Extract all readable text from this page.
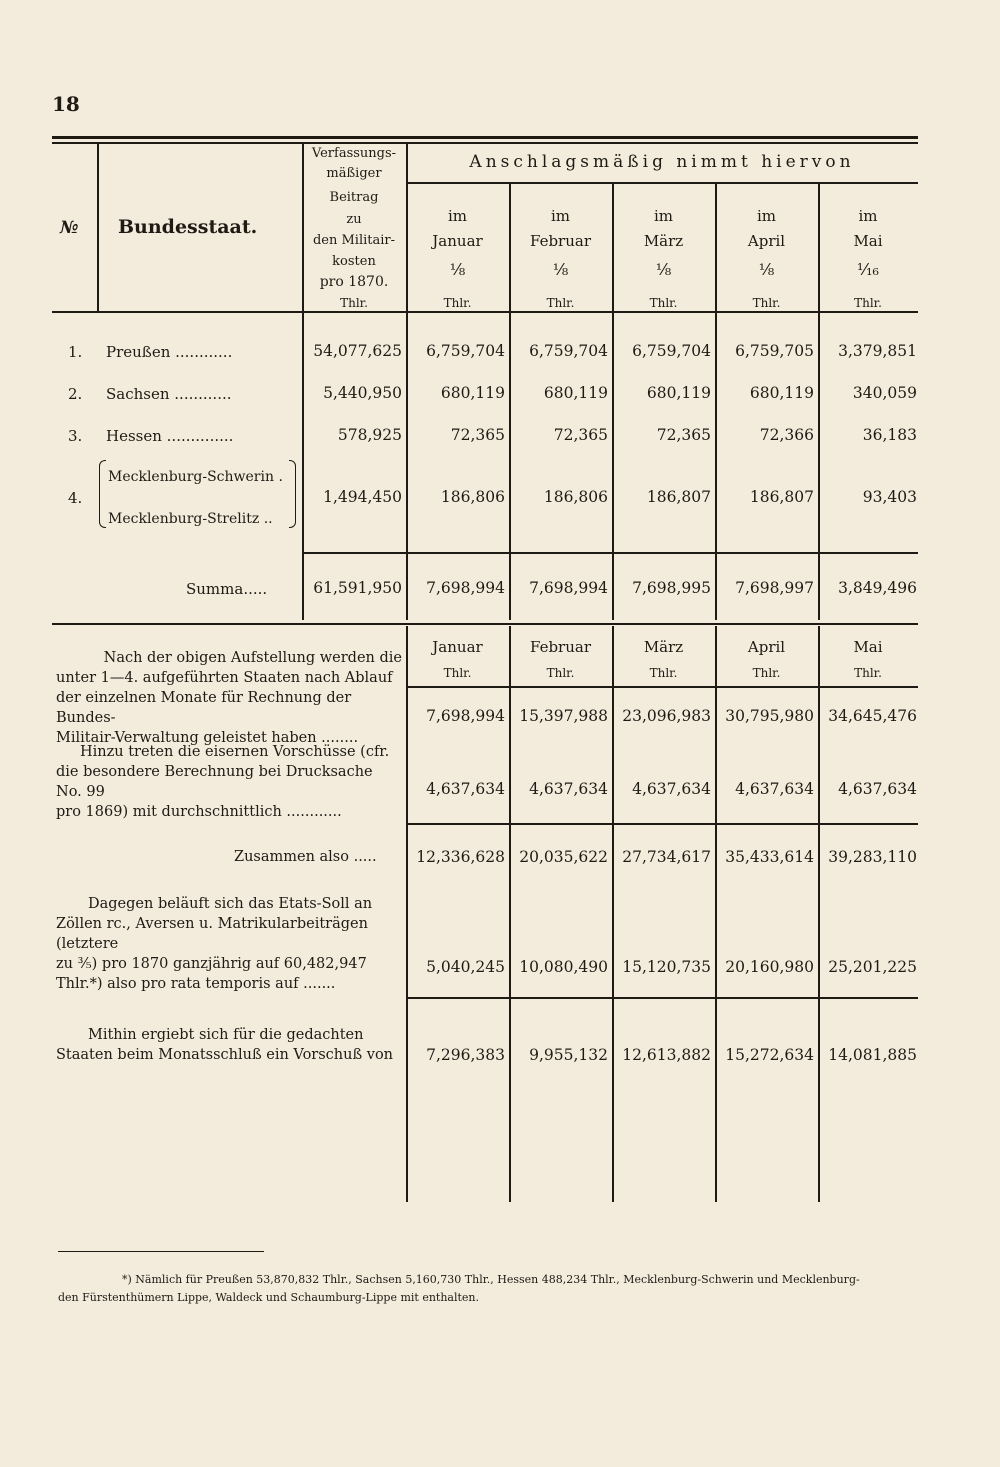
18
№ Bundesstaat.
Verfassungs-
mäßiger
Beitrag
zu
den Militair-
kosten
pro 1870.
Thlr.
Anschlagsmäßig nimmt hiervon
im
Januar
⅛
Thlr.
im
Februar
⅛
Thlr.
im
März
⅛
Thlr.
im
April
⅛
Thlr.
im
Mai
¹⁄₁₆
Thlr.
1. Preußen ............	54,077,625	6,759,704	6,759,704	6,759,704	6,759,705	3,379,851
2. Sachsen ............	5,440,950	680,119	680,119	680,119	680,119	340,059
3. Hessen ..............	578,925	72,365	72,365	72,365	72,366	36,183
4.
Mecklenburg-Schwerin .
Mecklenburg-Strelitz ..
1,494,450	186,806	186,806	186,807	186,807	93,403
Summa.....	61,591,950	7,698,994	7,698,994	7,698,995	7,698,997	3,849,496
Januar
Thlr.
Februar
Thlr.
März
Thlr.
April
Thlr.
Mai
Thlr.
Nach der obigen Aufstellung werden die
unter 1—4. aufgeführten Staaten nach Ablauf
der einzelnen Monate für Rechnung der Bundes-
Militair-Verwaltung geleistet haben ........
7,698,994 15,397,988 23,096,983 30,795,980 34,645,476
Hinzu treten die eisernen Vorschüsse (cfr.
die besondere Berechnung bei Drucksache No. 99
pro 1869) mit durchschnittlich ............
4,637,634	4,637,634	4,637,634	4,637,634	4,637,634
Zusammen also .....	12,336,628 20,035,622 27,734,617 35,433,614 39,283,110
Dagegen beläuft sich das Etats-Soll an
Zöllen rc., Aversen u. Matrikularbeiträgen (letztere
zu ⅗) pro 1870 ganzjährig auf 60,482,947
Thlr.*) also pro rata temporis auf .......
5,040,245 10,080,490 15,120,735 20,160,980 25,201,225
Mithin ergiebt sich für die gedachten
Staaten beim Monatsschluß ein Vorschuß von	7,296,383	9,955,132 12,613,882 15,272,634 14,081,885
*) Nämlich für Preußen 53,870,832 Thlr., Sachsen 5,160,730 Thlr., Hessen 488,234 Thlr., Mecklenburg-Schwerin und Mecklenburg-
den Fürstenthümern Lippe, Waldeck und Schaumburg-Lippe mit enthalten.
